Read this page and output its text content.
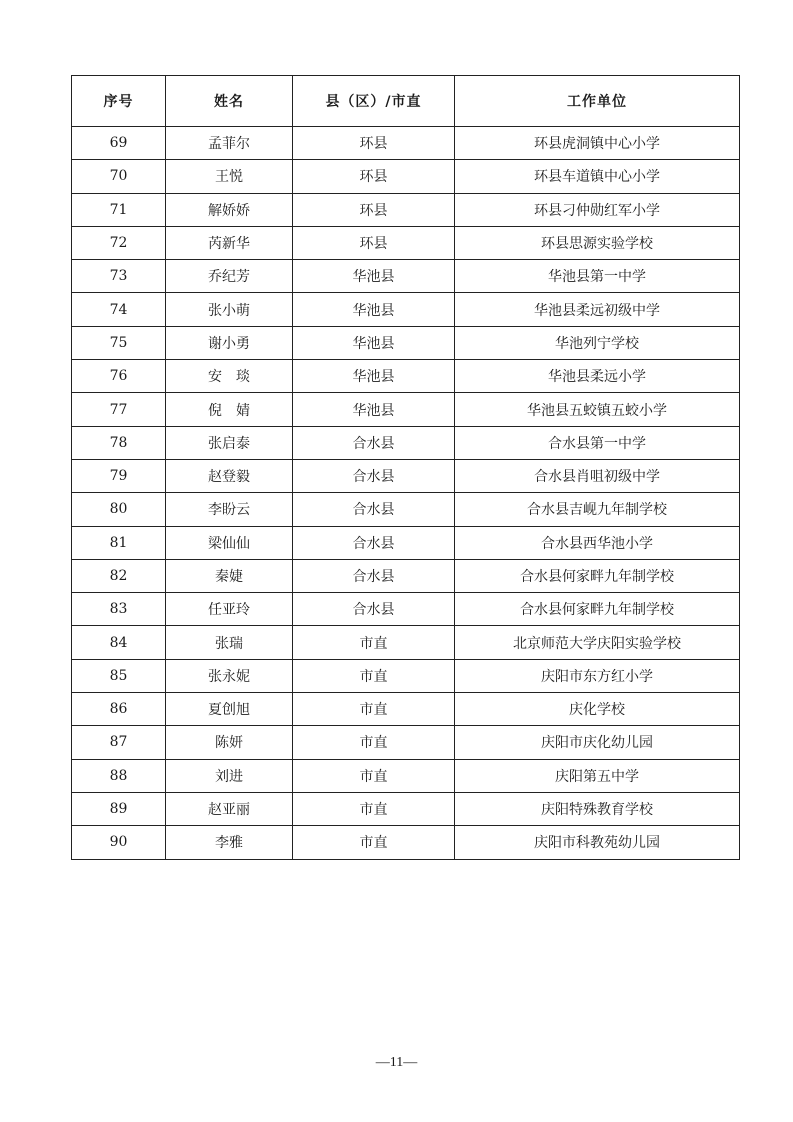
序号	姓名	县（区）/市直	工作单位
69	孟菲尔	环县	环县虎洞镇中心小学
70	王悦	环县	环县车道镇中心小学
71	解娇娇	环县	环县刁仲勋红军小学
72	芮新华	环县	环县思源实验学校
73	乔纪芳	华池县	华池县第一中学
74	张小萌	华池县	华池县柔远初级中学
75	谢小勇	华池县	华池列宁学校
76	安　琰	华池县	华池县柔远小学
77	倪　婧	华池县	华池县五蛟镇五蛟小学
78	张启泰	合水县	合水县第一中学
79	赵登毅	合水县	合水县肖咀初级中学
80	李盼云	合水县	合水县吉岘九年制学校
81	梁仙仙	合水县	合水县西华池小学
82	秦婕	合水县	合水县何家畔九年制学校
83	任亚玲	合水县	合水县何家畔九年制学校
84	张瑞	市直	北京师范大学庆阳实验学校
85	张永妮	市直	庆阳市东方红小学
86	夏创旭	市直	庆化学校
87	陈妍	市直	庆阳市庆化幼儿园
88	刘进	市直	庆阳第五中学
89	赵亚丽	市直	庆阳特殊教育学校
90	李雅	市直	庆阳市科教苑幼儿园
—11—
